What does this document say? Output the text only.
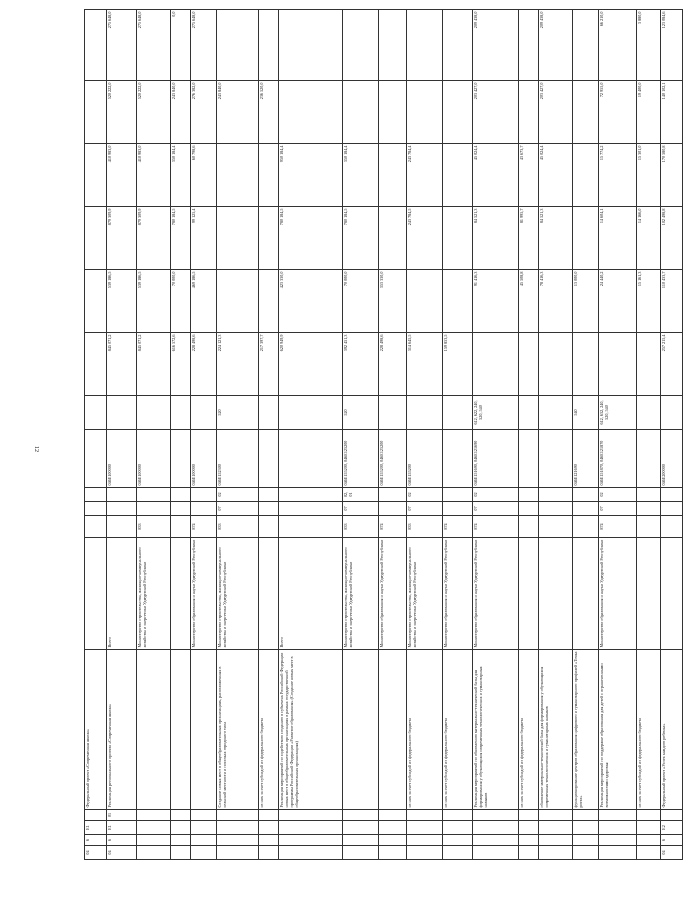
12
04	6	E1		Федеральный проект «Современная школа»												
04	6	E1	01	Реализация регионального проекта «Современная школа»	Всего				046E100000		845 071,2	539 186,5	879 309,9	410 983,0	520 222,0	275 648,0
					Министерство строительства, жилищно-коммунального хозяйства и энергетики Удмуртской Республики	833			046E100000		845 071,2	539 186,5	879 309,9	410 983,0	520 222,0	275 648,0
											616 572,6	70 000,0	780 184,5	350 184,4	243 840,0	0,0
					Министерство образования и науки Удмуртской Республики	874			046E100000		228 498,6	469 186,5	99 125,4	60 798,6	276 382,0	275 648,0
				Создание новых мест в общеобразовательных организациях, расположенных в сельской местности и поселках городского типа	Министерство строительства, жилищно-коммунального хозяйства и энергетики Удмуртской Республики	833	07	02	046E152300	520	224 121,3				243 840,0	
				из них за счет субсидий из федерального бюджета							217 397,7				236 520,0	
				Реализация мероприятий по содействию созданию в субъектах Российской Федерации новых мест в общеобразовательных организациях в рамках государственной программы Российской Федерации «Развитие образования» (Создание новых мест в общеобразовательных организациях)	Всего						620 949,9	423 330,0	780 184,5	950 184,4		
					Министерство строительства, жилищно-коммунального хозяйства и энергетики Удмуртской Республики	833	07	02, 01	046E155200, 046E125200	520	392 451,3	70 000,0	780 184,5	350 184,4		
					Министерство образования и науки Удмуртской Республики	874			046E155200, 046E125200		228 498,6	353 330,0				
				из них за счет субсидий из федерального бюджета	Министерство строительства, жилищно-коммунального хозяйства и энергетики Удмуртской Республики	833	07	02	046E155200		314 645,5		243 784,5	243 784,4		
				из них за счет субсидий из федерального бюджета	Министерство образования и науки Удмуртской Республики	874					159 853,5					
				Реализация мероприятий по обновлению материально-технической базы для формирования у обучающихся современных технологических и гуманитарных навыков	Министерство образования и науки Удмуртской Республики	874	07	02	046E151690, 046E121690	612, 622, 240, 520, 540		91 416,3	84 521,3	45 024,4	203 427,0	209 438,0
				из них за счет субсидий из федерального бюджета								45 508,8	81 995,7	43 673,7		
				обновление материально-технической базы для формирования у обучающихся современных технологических и гуманитарных навыков								78 416,3	84 521,3	45 024,4	203 427,0	209 438,0
				функционирование центров образования цифрового и гуманитарного профилей «Точка роста»					046E121690	540		13 000,0				
				Реализация мероприятий по поддержке образования для детей с ограниченными возможностями здоровья	Министерство образования и науки Удмуртской Республики	874	07	02	046E151870, 046E121870	612, 632, 240, 520, 540		24 440,2	14 604,1	15 774,2	72 955,0	66 210,0
				из них за счет субсидий из федерального бюджета								15 161,3	14 166,0	15 301,0	19 400,0	3 880,0
04	6	E2		Федеральный проект «Успех каждого ребенка»					046E200000		257 215,4	110 433,7	102 498,8	170 580,8	140 102,1	123 084,6
